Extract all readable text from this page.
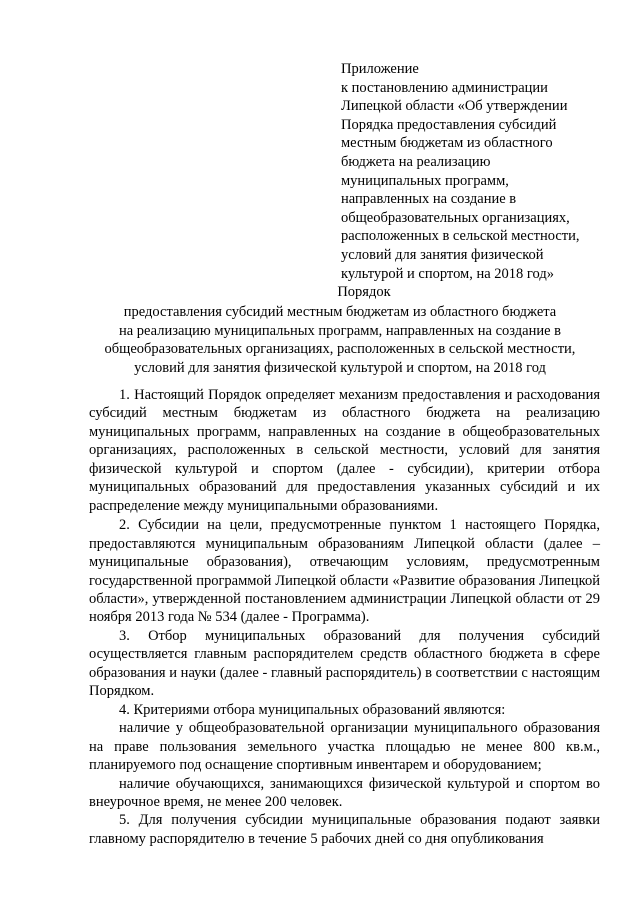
Приложение
к постановлению администрации
Липецкой области «Об утверждении
Порядка предоставления субсидий
местным бюджетам из областного
бюджета на реализацию
муниципальных программ,
направленных на создание в
общеобразовательных организациях,
расположенных в сельской местности,
условий для занятия физической
культурой и спортом, на 2018 год»
Порядок
предоставления субсидий местным бюджетам из областного бюджета
на реализацию муниципальных программ, направленных на создание в
общеобразовательных организациях, расположенных в сельской местности,
условий для занятия физической культурой и спортом, на 2018 год

1. Настоящий Порядок определяет механизм предоставления и расходования субсидий местным бюджетам из областного бюджета на реализацию муниципальных программ, направленных на создание в общеобразовательных организациях, расположенных в сельской местности, условий для занятия физической культурой и спортом (далее - субсидии), критерии отбора муниципальных образований для предоставления указанных субсидий и их распределение между муниципальными образованиями.

2. Субсидии на цели, предусмотренные пунктом 1 настоящего Порядка, предоставляются муниципальным образованиям Липецкой области (далее – муниципальные образования), отвечающим условиям, предусмотренным государственной программой Липецкой области «Развитие образования Липецкой области», утвержденной постановлением администрации Липецкой области от 29 ноября 2013 года № 534 (далее - Программа).

3. Отбор муниципальных образований для получения субсидий осуществляется главным распорядителем средств областного бюджета в сфере образования и науки (далее - главный распорядитель) в соответствии с настоящим Порядком.

4. Критериями отбора муниципальных образований являются:

наличие у общеобразовательной организации муниципального образования на праве пользования земельного участка площадью не менее 800 кв.м., планируемого под оснащение спортивным инвентарем и оборудованием;

наличие обучающихся, занимающихся физической культурой и спортом во внеурочное время, не менее 200 человек.

5. Для получения субсидии муниципальные образования подают заявки главному распорядителю в течение 5 рабочих дней со дня опубликования
